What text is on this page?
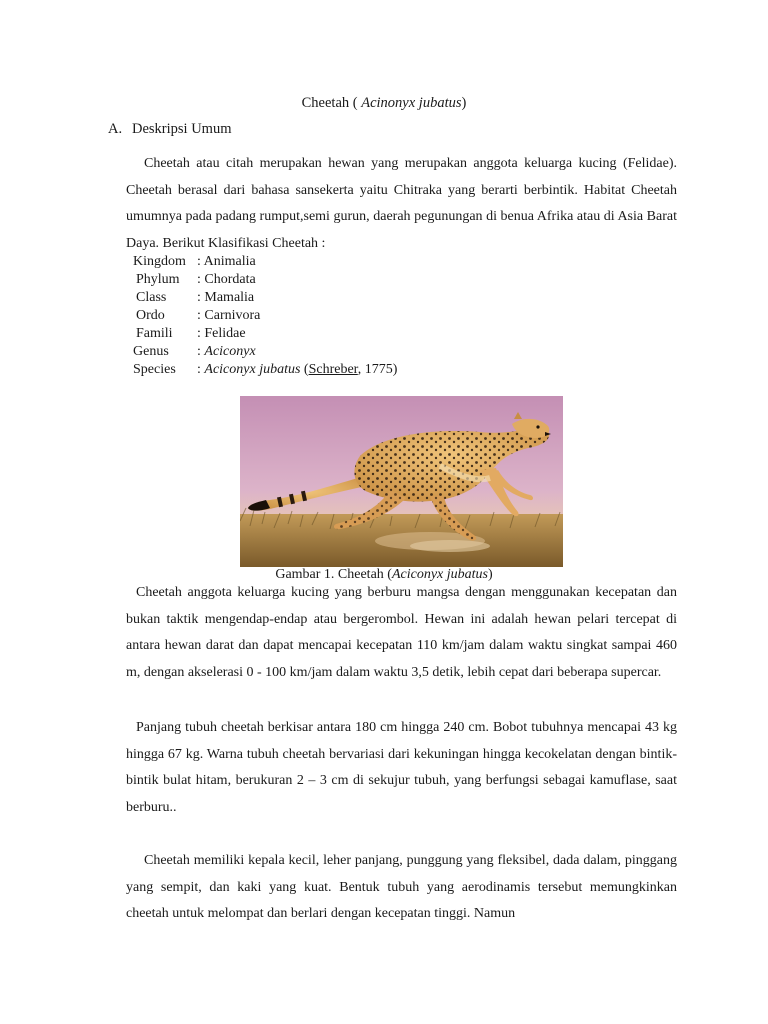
Cheetah ( Acinonyx jubatus)
A. Deskripsi Umum

Cheetah atau citah merupakan hewan yang merupakan anggota keluarga kucing (Felidae). Cheetah berasal dari bahasa sansekerta yaitu Chitraka yang berarti berbintik. Habitat Cheetah umumnya pada padang rumput,semi gurun, daerah pegunungan di benua Afrika atau di Asia Barat Daya. Berikut Klasifikasi Cheetah :

Kingdom : Animalia
Phylum : Chordata
Class : Mamalia
Ordo : Carnivora
Famili : Felidae
Genus : Aciconyx
Species : Aciconyx jubatus (Schreber, 1775)
Gambar 1. Cheetah (Aciconyx jubatus)

Cheetah anggota keluarga kucing yang berburu mangsa dengan menggunakan kecepatan dan bukan taktik mengendap-endap atau bergerombol. Hewan ini adalah hewan pelari tercepat di antara hewan darat dan dapat mencapai kecepatan 110 km/jam dalam waktu singkat sampai 460 m, dengan akselerasi 0 - 100 km/jam dalam waktu 3,5 detik, lebih cepat dari beberapa supercar.

Panjang tubuh cheetah berkisar antara 180 cm hingga 240 cm. Bobot tubuhnya mencapai 43 kg hingga 67 kg. Warna tubuh cheetah bervariasi dari kekuningan hingga kecokelatan dengan bintik-bintik bulat hitam, berukuran 2 – 3 cm di sekujur tubuh, yang berfungsi sebagai kamuflase, saat berburu..

Cheetah memiliki kepala kecil, leher panjang, punggung yang fleksibel, dada dalam, pinggang yang sempit, dan kaki yang kuat. Bentuk tubuh yang aerodinamis tersebut memungkinkan cheetah untuk melompat dan berlari dengan kecepatan tinggi. Namun
